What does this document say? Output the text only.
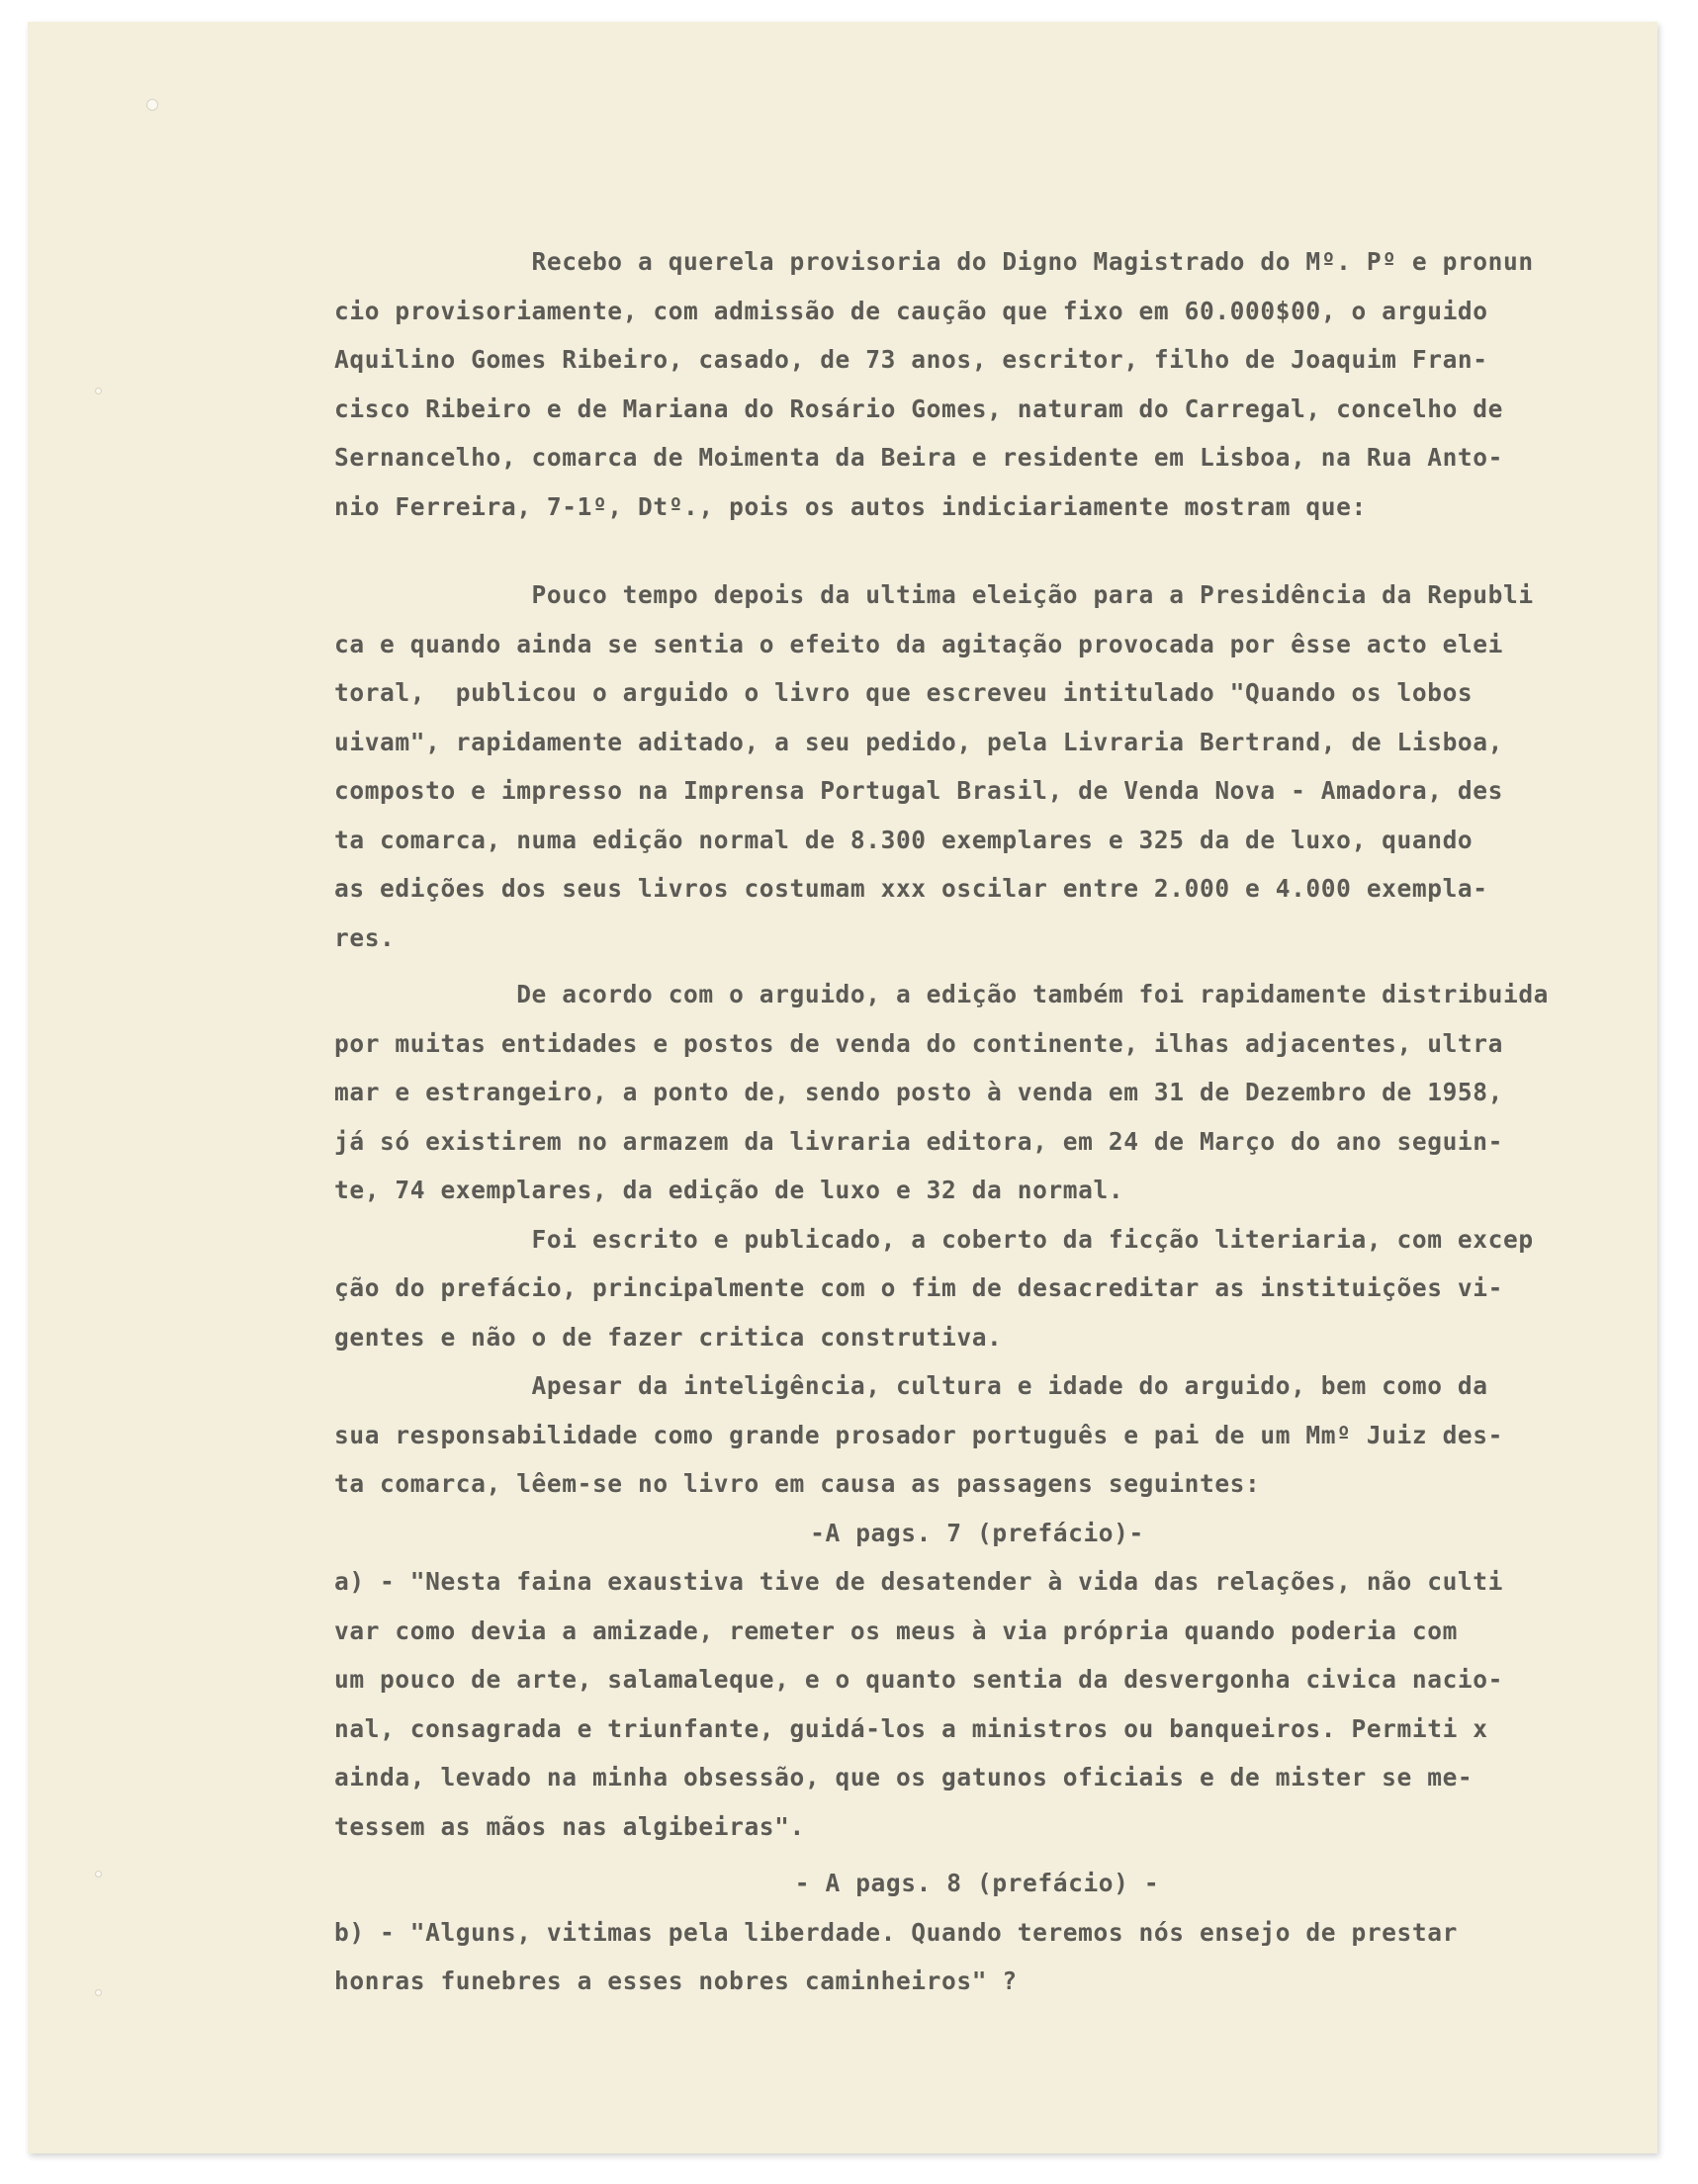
Recebo a querela provisoria do Digno Magistrado do Mº. Pº e pronun

cio provisoriamente, com admissão de caução que fixo em 60.000$00, o arguido

Aquilino Gomes Ribeiro, casado, de 73 anos, escritor, filho de Joaquim Fran-

cisco Ribeiro e de Mariana do Rosário Gomes, naturam do Carregal, concelho de

Sernancelho, comarca de Moimenta da Beira e residente em Lisboa, na Rua Anto-

nio Ferreira, 7-1º, Dtº., pois os autos indiciariamente mostram que:

Pouco tempo depois da ultima eleição para a Presidência da Republi

ca e quando ainda se sentia o efeito da agitação provocada por êsse acto elei

toral,  publicou o arguido o livro que escreveu intitulado "Quando os lobos

uivam", rapidamente aditado, a seu pedido, pela Livraria Bertrand, de Lisboa,

composto e impresso na Imprensa Portugal Brasil, de Venda Nova - Amadora, des

ta comarca, numa edição normal de 8.300 exemplares e 325 da de luxo, quando

as edições dos seus livros costumam xxx oscilar entre 2.000 e 4.000 exempla-

res.

De acordo com o arguido, a edição também foi rapidamente distribuida

por muitas entidades e postos de venda do continente, ilhas adjacentes, ultra

mar e estrangeiro, a ponto de, sendo posto à venda em 31 de Dezembro de 1958,

já só existirem no armazem da livraria editora, em 24 de Março do ano seguin-

te, 74 exemplares, da edição de luxo e 32 da normal.

Foi escrito e publicado, a coberto da ficção literiaria, com excep

ção do prefácio, principalmente com o fim de desacreditar as instituições vi-

gentes e não o de fazer critica construtiva.

Apesar da inteligência, cultura e idade do arguido, bem como da

sua responsabilidade como grande prosador português e pai de um Mmº Juiz des-

ta comarca, lêem-se no livro em causa as passagens seguintes:

-A pags. 7 (prefácio)-

a) - "Nesta faina exaustiva tive de desatender à vida das relações, não culti

var como devia a amizade, remeter os meus à via própria quando poderia com

um pouco de arte, salamaleque, e o quanto sentia da desvergonha civica nacio-

nal, consagrada e triunfante, guidá-los a ministros ou banqueiros. Permiti x

ainda, levado na minha obsessão, que os gatunos oficiais e de mister se me-

tessem as mãos nas algibeiras".

- A pags. 8 (prefácio) -

b) - "Alguns, vitimas pela liberdade. Quando teremos nós ensejo de prestar

honras funebres a esses nobres caminheiros" ?
